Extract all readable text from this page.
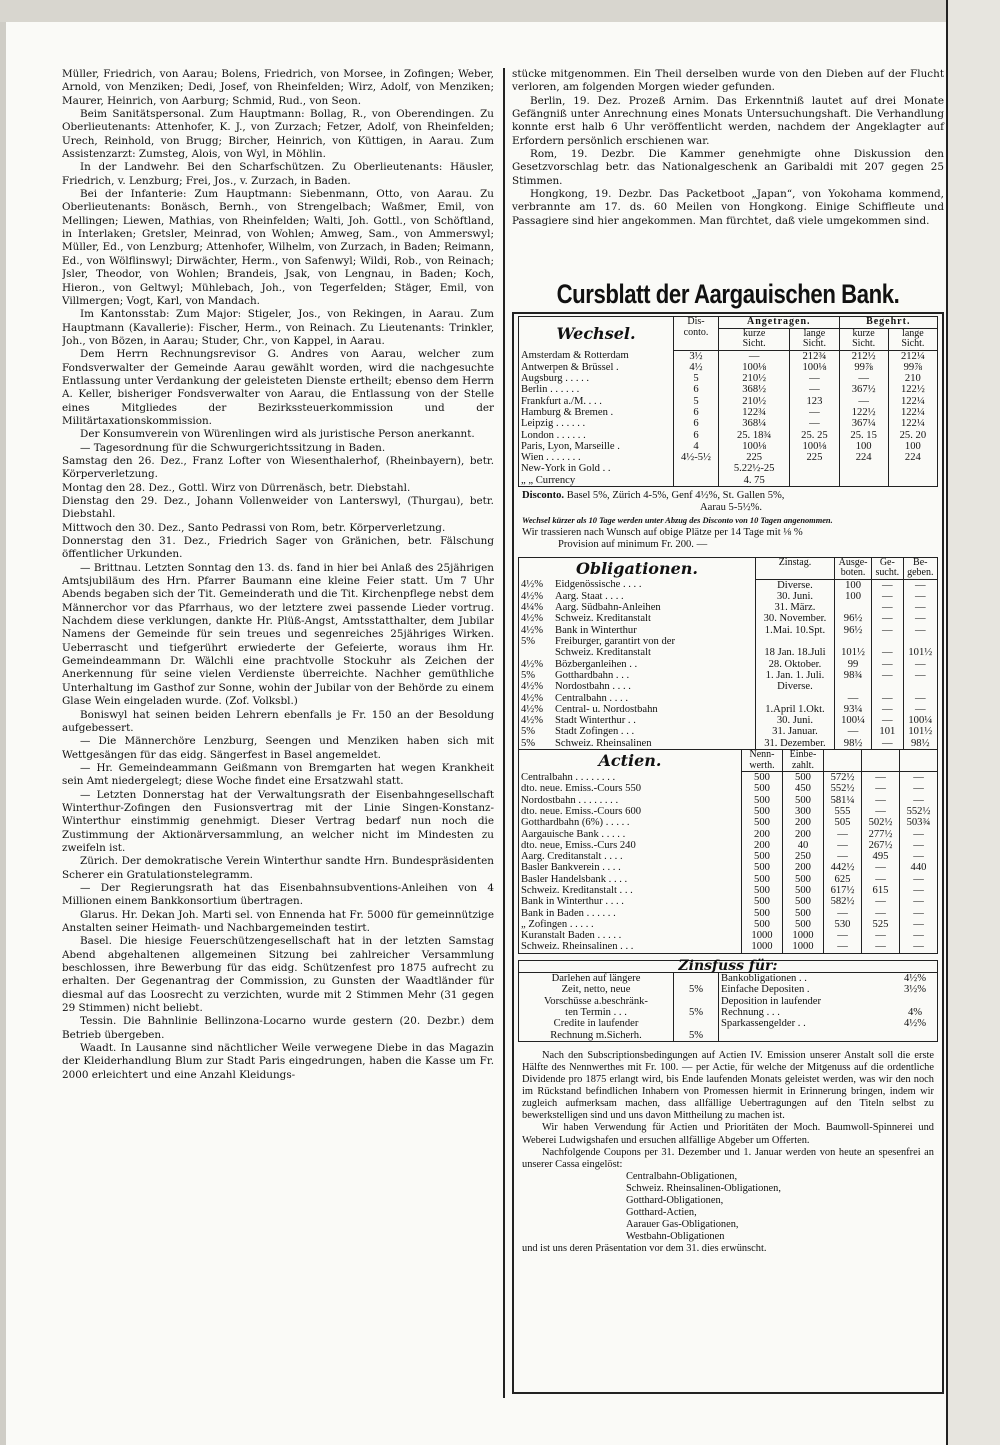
Müller, Friedrich, von Aarau; Bolens, Friedrich, von Morsee, in Zofingen; Weber, Arnold, von Menziken; Dedi, Josef, von Rheinfelden; Wirz, Adolf, von Menziken; Maurer, Heinrich, von Aarburg; Schmid, Rud., von Seon.

Beim Sanitätspersonal. Zum Hauptmann: Bollag, R., von Oberendingen. Zu Oberlieutenants: Attenhofer, K. J., von Zurzach; Fetzer, Adolf, von Rheinfelden; Urech, Reinhold, von Brugg; Bircher, Heinrich, von Küttigen, in Aarau. Zum Assistenzarzt: Zumsteg, Alois, von Wyl, in Möhlin.

In der Landwehr. Bei den Scharfschützen. Zu Oberlieutenants: Häusler, Friedrich, v. Lenzburg; Frei, Jos., v. Zurzach, in Baden.

Bei der Infanterie: Zum Hauptmann: Siebenmann, Otto, von Aarau. Zu Oberlieutenants: Bonäsch, Bernh., von Strengelbach; Waßmer, Emil, von Mellingen; Liewen, Mathias, von Rheinfelden; Walti, Joh. Gottl., von Schöftland, in Interlaken; Gretsler, Meinrad, von Wohlen; Amweg, Sam., von Ammerswyl; Müller, Ed., von Lenzburg; Attenhofer, Wilhelm, von Zurzach, in Baden; Reimann, Ed., von Wölflinswyl; Dirwächter, Herm., von Safenwyl; Wildi, Rob., von Reinach; Jsler, Theodor, von Wohlen; Brandeis, Jsak, von Lengnau, in Baden; Koch, Hieron., von Geltwyl; Mühlebach, Joh., von Tegerfelden; Stäger, Emil, von Villmergen; Vogt, Karl, von Mandach.

Im Kantonsstab: Zum Major: Stigeler, Jos., von Rekingen, in Aarau. Zum Hauptmann (Kavallerie): Fischer, Herm., von Reinach. Zu Lieutenants: Trinkler, Joh., von Bözen, in Aarau; Studer, Chr., von Kappel, in Aarau.

Dem Herrn Rechnungsrevisor G. Andres von Aarau, welcher zum Fondsverwalter der Gemeinde Aarau gewählt worden, wird die nachgesuchte Entlassung unter Verdankung der geleisteten Dienste ertheilt; ebenso dem Herrn A. Keller, bisheriger Fondsverwalter von Aarau, die Entlassung von der Stelle eines Mitgliedes der Bezirkssteuerkommission und der Militärtaxationskommission.

Der Konsumverein von Würenlingen wird als juristische Person anerkannt.

— Tagesordnung für die Schwurgerichtssitzung in Baden.

Samstag den 26. Dez., Franz Lofter von Wiesenthalerhof, (Rheinbayern), betr. Körperverletzung.

Montag den 28. Dez., Gottl. Wirz von Dürrenäsch, betr. Diebstahl.

Dienstag den 29. Dez., Johann Vollenweider von Lanterswyl, (Thurgau), betr. Diebstahl.

Mittwoch den 30. Dez., Santo Pedrassi von Rom, betr. Körperverletzung.

Donnerstag den 31. Dez., Friedrich Sager von Gränichen, betr. Fälschung öffentlicher Urkunden.

— Brittnau. Letzten Sonntag den 13. ds. fand in hier bei Anlaß des 25jährigen Amtsjubiläum des Hrn. Pfarrer Baumann eine kleine Feier statt. Um 7 Uhr Abends begaben sich der Tit. Gemeinderath und die Tit. Kirchenpflege nebst dem Männerchor vor das Pfarrhaus, wo der letztere zwei passende Lieder vortrug. Nachdem diese verklungen, dankte Hr. Plüß-Angst, Amtsstatthalter, dem Jubilar Namens der Gemeinde für sein treues und segenreiches 25jähriges Wirken. Ueberrascht und tiefgerührt erwiederte der Gefeierte, woraus ihm Hr. Gemeindeammann Dr. Wälchli eine prachtvolle Stockuhr als Zeichen der Anerkennung für seine vielen Verdienste überreichte. Nachher gemüthliche Unterhaltung im Gasthof zur Sonne, wohin der Jubilar von der Behörde zu einem Glase Wein eingeladen wurde. (Zof. Volksbl.)

Boniswyl hat seinen beiden Lehrern ebenfalls je Fr. 150 an der Besoldung aufgebessert.

— Die Männerchöre Lenzburg, Seengen und Menziken haben sich mit Wettgesängen für das eidg. Sängerfest in Basel angemeldet.

— Hr. Gemeindeammann Geißmann von Bremgarten hat wegen Krankheit sein Amt niedergelegt; diese Woche findet eine Ersatzwahl statt.

— Letzten Donnerstag hat der Verwaltungsrath der Eisenbahngesellschaft Winterthur-Zofingen den Fusionsvertrag mit der Linie Singen-Konstanz-Winterthur einstimmig genehmigt. Dieser Vertrag bedarf nun noch die Zustimmung der Aktionärversammlung, an welcher nicht im Mindesten zu zweifeln ist.

Zürich. Der demokratische Verein Winterthur sandte Hrn. Bundespräsidenten Scherer ein Gratulationstelegramm.

— Der Regierungsrath hat das Eisenbahnsubventions-Anleihen von 4 Millionen einem Bankkonsortium übertragen.

Glarus. Hr. Dekan Joh. Marti sel. von Ennenda hat Fr. 5000 für gemeinnützige Anstalten seiner Heimath- und Nachbargemeinden testirt.

Basel. Die hiesige Feuerschützengesellschaft hat in der letzten Samstag Abend abgehaltenen allgemeinen Sitzung bei zahlreicher Versammlung beschlossen, ihre Bewerbung für das eidg. Schützenfest pro 1875 aufrecht zu erhalten. Der Gegenantrag der Commission, zu Gunsten der Waadtländer für diesmal auf das Loosrecht zu verzichten, wurde mit 2 Stimmen Mehr (31 gegen 29 Stimmen) nicht beliebt.

Tessin. Die Bahnlinie Bellinzona-Locarno wurde gestern (20. Dezbr.) dem Betrieb übergeben.

Waadt. In Lausanne sind nächtlicher Weile verwegene Diebe in das Magazin der Kleiderhandlung Blum zur Stadt Paris eingedrungen, haben die Kasse um Fr. 2000 erleichtert und eine Anzahl Kleidungs-

stücke mitgenommen. Ein Theil derselben wurde von den Dieben auf der Flucht verloren, am folgenden Morgen wieder gefunden.

Berlin, 19. Dez. Prozeß Arnim. Das Erkenntniß lautet auf drei Monate Gefängniß unter Anrechnung eines Monats Untersuchungshaft. Die Verhandlung konnte erst halb 6 Uhr veröffentlicht werden, nachdem der Angeklagter auf Erfordern persönlich erschienen war.

Rom, 19. Dezbr. Die Kammer genehmigte ohne Diskussion den Gesetzvorschlag betr. das Nationalgeschenk an Garibaldi mit 207 gegen 25 Stimmen.

Hongkong, 19. Dezbr. Das Packetboot „Japan“, von Yokohama kommend, verbrannte am 17. ds. 60 Meilen von Hongkong. Einige Schiffleute und Passagiere sind hier angekommen. Man fürchtet, daß viele umgekommen sind.

Cursblatt der Aargauischen Bank.
Wechsel.	Dis-
conto.	Angetragen.		Begehrt.	
		kurze
Sicht.	lange
Sicht.	kurze
Sicht.	lange
Sicht.
Amsterdam & Rotterdam	3½	—	212¾	212½	212¼
Antwerpen & Brüssel .	4½	100⅛	100⅛	99⅞	99⅞
Augsburg . . . . .	5	210½	—	—	210
Berlin . . . . . .	6	368½	—	367½	122½
Frankfurt a./M. . . .	5	210½	123	—	122¼
Hamburg & Bremen .	6	122¾	—	122½	122¼
Leipzig . . . . . .	6	368¼	—	367¼	122¼
London . . . . . .	6	25. 18¾	25. 25	25. 15	25. 20
Paris, Lyon, Marseille .	4	100⅛	100⅛	100	100
Wien . . . . . . .	4½-5½	225	225	224	224
New-York in Gold . .		5.22½-25			
„ „ Currency		4. 75			
Disconto. Basel 5%, Zürich 4-5%, Genf 4½%, St. Gallen 5%,
Aarau 5-5½%.
Wechsel kürzer als 10 Tage werden unter Abzug des Disconto von 10 Tagen angenommen.
Wir trassieren nach Wunsch auf obige Plätze per 14 Tage mit ⅛ %
Provision auf minimum Fr. 200. —
Obligationen.		Zinstag.	Ausge-
boten.	Ge-
sucht.	Be-
geben.
4½%	Eidgenössische . . . .	Diverse.	100	—	—
4½%	Aarg. Staat . . . .	30. Juni.	100	—	—
4¼%	Aarg. Südbahn-Anleihen	31. März.		—	—
4½%	Schweiz. Kreditanstalt	30. November.	96½	—	—
4½%	Bank in Winterthur	1.Mai. 10.Spt.	96½	—	—
5%	Freiburger, garantirt von der				
	Schweiz. Kreditanstalt	18 Jan. 18.Juli	101½	—	101½
4½%	Bözberganleihen . .	28. Oktober.	99	—	—
5%	Gotthardbahn . . .	1. Jan. 1. Juli.	98¾	—	—
4½%	Nordostbahn . . . .	Diverse.			
4½%	Centralbahn . . . .		—	—	—
4½%	Central- u. Nordostbahn	1.April 1.Okt.	93¼	—	—
4½%	Stadt Winterthur . .	30. Juni.	100¼	—	100¼
5%	Stadt Zofingen . . .	31. Januar.	—	101	101½
5%	Schweiz. Rheinsalinen	31. Dezember.	98½	—	98½
Actien.	Nenn-
werth.	Einbe-
zahlt.			
Centralbahn . . . . . . . .	500	500	572½	—	—
dto. neue. Emiss.-Cours 550	500	450	552½	—	—
Nordostbahn . . . . . . . .	500	500	581¼	—	—
dto. neue. Emiss.-Cours 600	500	300	555	—	552½
Gotthardbahn (6%) . . . . .	500	200	505	502½	503¾
Aargauische Bank . . . . .	200	200	—	277½	—
dto. neue, Emiss.-Curs 240	200	40	—	267½	—
Aarg. Creditanstalt . . . .	500	250	—	495	—
Basler Bankverein . . . .	500	200	442½	—	440
Basler Handelsbank . . . .	500	500	625	—	—
Schweiz. Kreditanstalt . . .	500	500	617½	615	—
Bank in Winterthur . . . .	500	500	582½	—	—
Bank in Baden . . . . . .	500	500	—	—	—
„ Zofingen . . . . .	500	500	530	525	—
Kuranstalt Baden . . . . .	1000	1000	—	—	—
Schweiz. Rheinsalinen . . .	1000	1000	—	—	—
Zinsfuss für:			
Darlehen auf längere		Bankobligationen . .	4½%
Zeit, netto, neue	5%	Einfache Depositen .	3½%
Vorschüsse a.beschränk-		Deposition in laufender	
ten Termin . . .	5%	Rechnung . . .	4%
Credite in laufender		Sparkassengelder . .	4½%
Rechnung m.Sicherh.	5%		

Nach den Subscriptionsbedingungen auf Actien IV. Emission unserer Anstalt soll die erste Hälfte des Nennwerthes mit Fr. 100. — per Actie, für welche der Mitgenuss auf die ordentliche Dividende pro 1875 erlangt wird, bis Ende laufenden Monats geleistet werden, was wir den noch im Rückstand befindlichen Inhabern von Promessen hiermit in Erinnerung bringen, indem wir zugleich aufmerksam machen, dass allfällige Uebertragungen auf den Titeln selbst zu bewerkstelligen sind und uns davon Mittheilung zu machen ist.

Wir haben Verwendung für Actien und Prioritäten der Moch. Baumwoll-Spinnerei und Weberei Ludwigshafen und ersuchen allfällige Abgeber um Offerten.

Nachfolgende Coupons per 31. Dezember und 1. Januar werden von heute an spesenfrei an unserer Cassa eingelöst:

Centralbahn-Obligationen,
Schweiz. Rheinsalinen-Obligationen,
Gotthard-Obligationen,
Gotthard-Actien,
Aarauer Gas-Obligationen,
Westbahn-Obligationen

und ist uns deren Präsentation vor dem 31. dies erwünscht.
